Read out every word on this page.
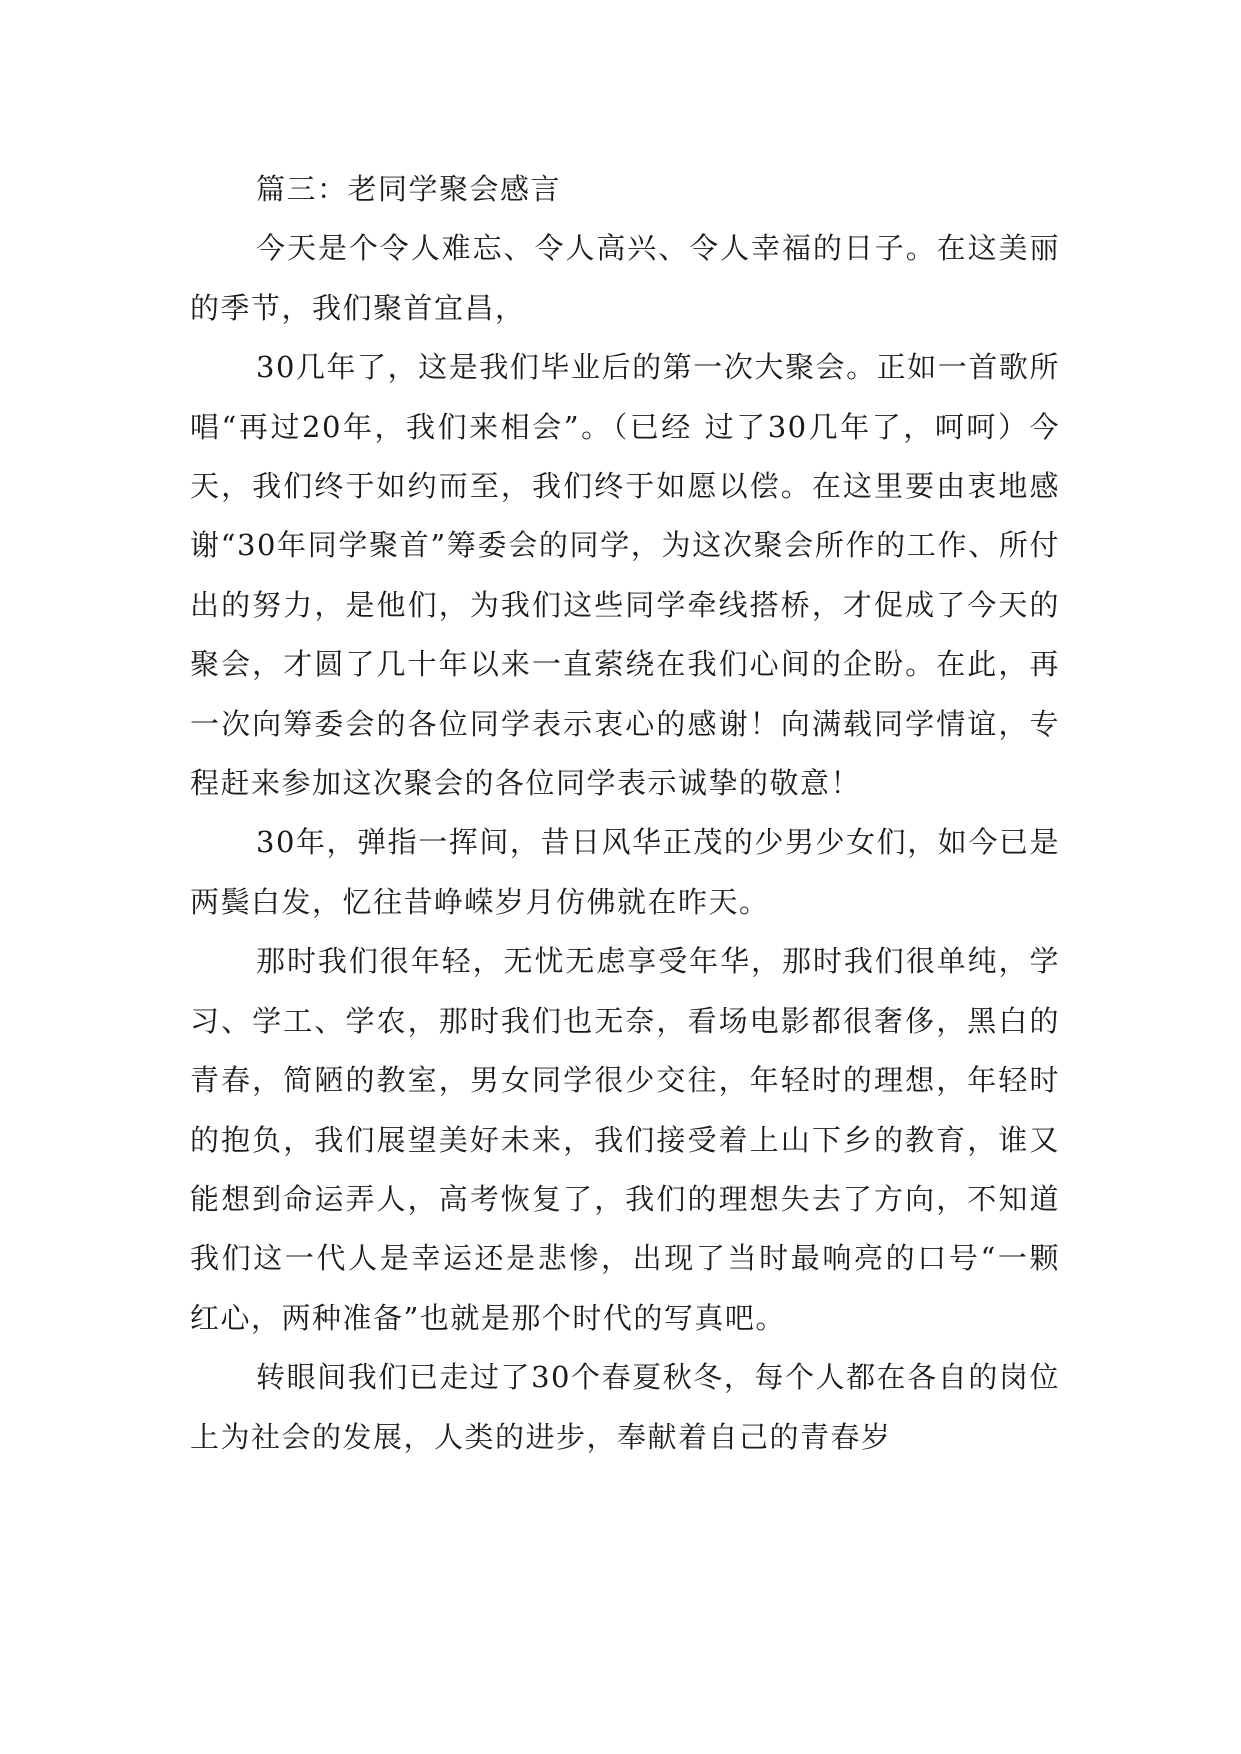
篇三：老同学聚会感言

今天是个令人难忘、令人高兴、令人幸福的日子。在这美丽的季节，我们聚首宜昌，

30几年了，这是我们毕业后的第一次大聚会。正如一首歌所唱“再过20年，我们来相会”。（已经 过了30几年了，呵呵）今天，我们终于如约而至，我们终于如愿以偿。在这里要由衷地感谢“30年同学聚首”筹委会的同学，为这次聚会所作的工作、所付出的努力，是他们，为我们这些同学牵线搭桥，才促成了今天的聚会，才圆了几十年以来一直萦绕在我们心间的企盼。在此，再一次向筹委会的各位同学表示衷心的感谢！向满载同学情谊，专程赶来参加这次聚会的各位同学表示诚挚的敬意！

30年，弹指一挥间，昔日风华正茂的少男少女们，如今已是两鬓白发，忆往昔峥嵘岁月仿佛就在昨天。

那时我们很年轻，无忧无虑享受年华，那时我们很单纯，学习、学工、学农，那时我们也无奈，看场电影都很奢侈，黑白的青春，简陋的教室，男女同学很少交往，年轻时的理想，年轻时的抱负，我们展望美好未来，我们接受着上山下乡的教育，谁又能想到命运弄人，高考恢复了，我们的理想失去了方向，不知道我们这一代人是幸运还是悲惨，出现了当时最响亮的口号“一颗红心，两种准备”也就是那个时代的写真吧。

转眼间我们已走过了30个春夏秋冬，每个人都在各自的岗位上为社会的发展，人类的进步，奉献着自己的青春岁
